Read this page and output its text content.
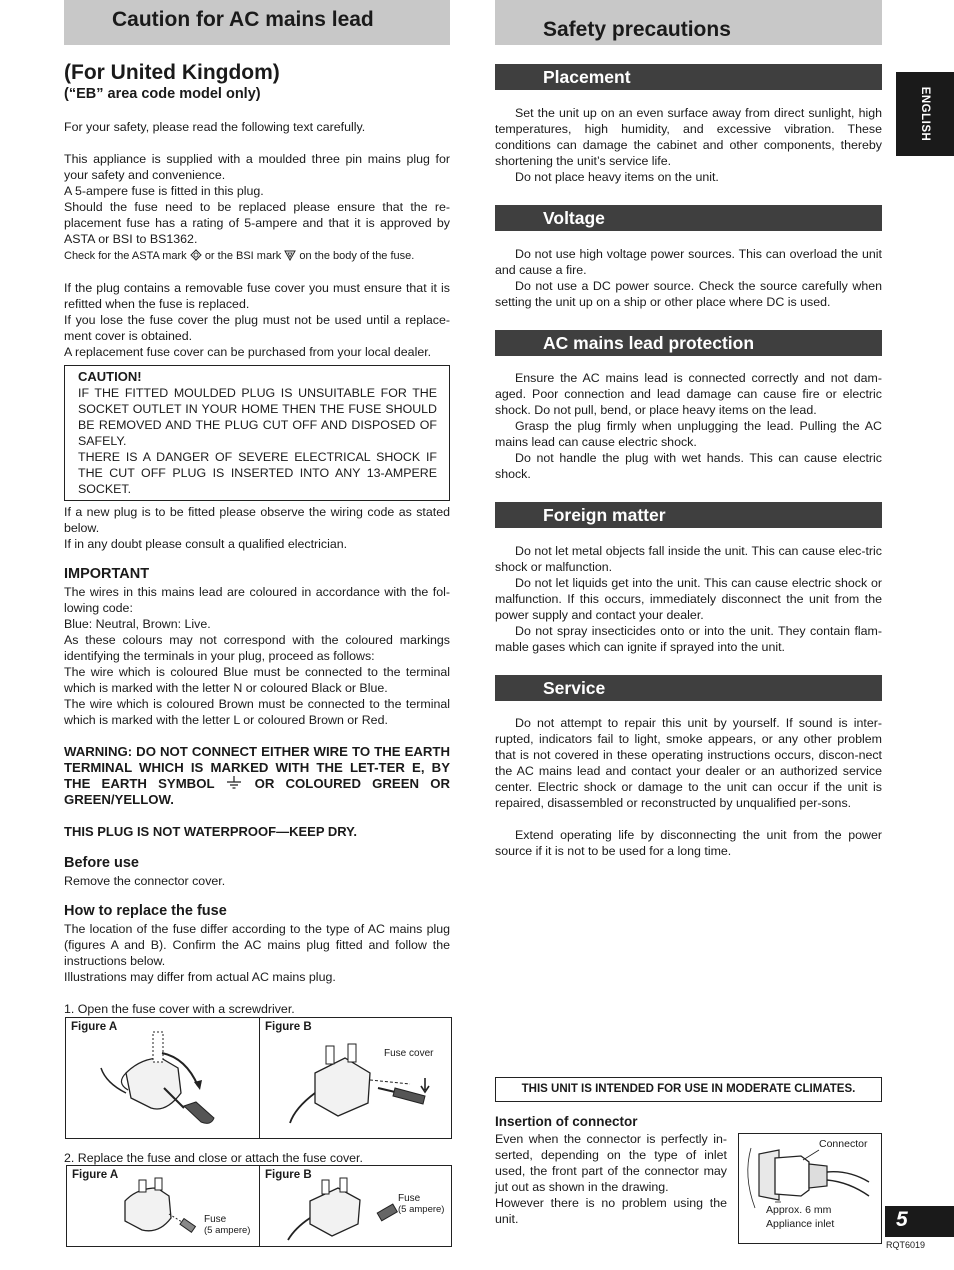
Caution for AC mains lead
(For United Kingdom)
(“EB” area code model only)

For your safety, please read the following text carefully.

This appliance is supplied with a moulded three pin mains plug for your safety and convenience.

A 5-ampere fuse is fitted in this plug.

Should the fuse need to be replaced please ensure that the re-placement fuse has a rating of 5-ampere and that it is approved by ASTA or BSI to BS1362.

Check for the ASTA mark or the BSI mark on the body of the fuse.

If the plug contains a removable fuse cover you must ensure that it is refitted when the fuse is replaced.

If you lose the fuse cover the plug must not be used until a replace-ment cover is obtained.

A replacement fuse cover can be purchased from your local dealer.

CAUTION!

IF THE FITTED MOULDED PLUG IS UNSUITABLE FOR THE SOCKET OUTLET IN YOUR HOME THEN THE FUSE SHOULD BE REMOVED AND THE PLUG CUT OFF AND DISPOSED OF SAFELY.

THERE IS A DANGER OF SEVERE ELECTRICAL SHOCK IF THE CUT OFF PLUG IS INSERTED INTO ANY 13-AMPERE SOCKET.

If a new plug is to be fitted please observe the wiring code as stated below.

If in any doubt please consult a qualified electrician.

IMPORTANT

The wires in this mains lead are coloured in accordance with the fol-lowing code:

Blue: Neutral, Brown: Live.

As these colours may not correspond with the coloured markings identifying the terminals in your plug, proceed as follows:

The wire which is coloured Blue must be connected to the terminal which is marked with the letter N or coloured Black or Blue.

The wire which is coloured Brown must be connected to the terminal which is marked with the letter L or coloured Brown or Red.

WARNING: DO NOT CONNECT EITHER WIRE TO THE EARTH TERMINAL WHICH IS MARKED WITH THE LET-TER E, BY THE EARTH SYMBOL	OR COLOURED GREEN OR GREEN/YELLOW.

THIS PLUG IS NOT WATERPROOF—KEEP DRY.
Before use

Remove the connector cover.

How to replace the fuse

The location of the fuse differ according to the type of AC mains plug (figures A and B). Confirm the AC mains plug fitted and follow the instructions below.

Illustrations may differ from actual AC mains plug.

1. Open the fuse cover with a screwdriver.

Figure A	Figure B
Fuse cover

2. Replace the fuse and close or attach the fuse cover.

Figure A
Fuse
(5 ampere)
Figure B
Fuse
(5 ampere)
Safety precautions
Placement

Set the unit up on an even surface away from direct sunlight, high temperatures, high humidity, and excessive vibration. These conditions can damage the cabinet and other components, thereby shortening the unit’s service life.

Do not place heavy items on the unit.

Voltage

Do not use high voltage power sources. This can overload the unit and cause a fire.

Do not use a DC power source. Check the source carefully when setting the unit up on a ship or other place where DC is used.

AC mains lead protection

Ensure the AC mains lead is connected correctly and not dam-aged. Poor connection and lead damage can cause fire or electric shock. Do not pull, bend, or place heavy items on the lead.

Grasp the plug firmly when unplugging the lead. Pulling the AC mains lead can cause electric shock.

Do not handle the plug with wet hands. This can cause electric shock.

Foreign matter

Do not let metal objects fall inside the unit. This can cause elec-tric shock or malfunction.

Do not let liquids get into the unit. This can cause electric shock or malfunction. If this occurs, immediately disconnect the unit from the power supply and contact your dealer.

Do not spray insecticides onto or into the unit. They contain flam-mable gases which can ignite if sprayed into the unit.

Service

Do not attempt to repair this unit by yourself. If sound is inter-rupted, indicators fail to light, smoke appears, or any other problem that is not covered in these operating instructions occurs, discon-nect the AC mains lead and contact your dealer or an authorized service center. Electric shock or damage to the unit can occur if the unit is repaired, disassembled or reconstructed by unqualified per-sons.

Extend operating life by disconnecting the unit from the power source if it is not to be used for a long time.

THIS UNIT IS INTENDED FOR USE IN MODERATE CLIMATES.
Insertion of connector

Even when the connector is perfectly in-serted, depending on the type of inlet used, the front part of the connector may jut out as shown in the drawing.

However there is no problem using the unit.

Connector
Approx. 6 mm
Appliance inlet
ENGLISH
5
RQT6019
